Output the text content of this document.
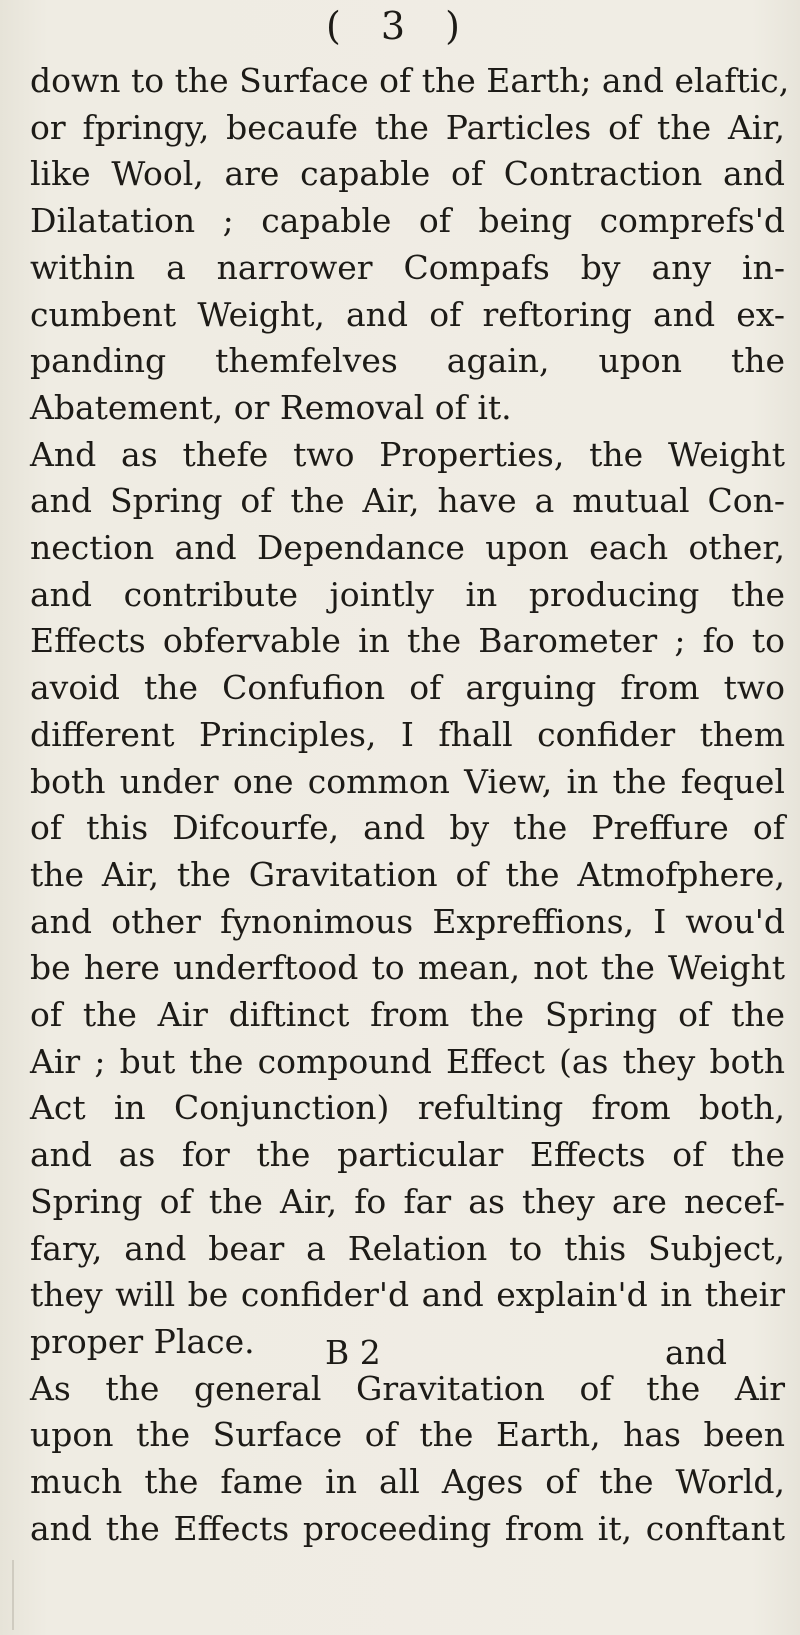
( 3 )
down to the Surface of the Earth; and elaftic,
or fpringy, becaufe the Particles of the Air,
like Wool, are capable of Contraction and
Dilatation ; capable of being comprefs'd
within a narrower Compafs by any in-
cumbent Weight, and of reftoring and ex-
panding themfelves again, upon the
Abatement, or Removal of it.
And as thefe two Properties, the Weight
and Spring of the Air, have a mutual Con-
nection and Dependance upon each other,
and contribute jointly in producing the
Effects obfervable in the Barometer ; fo to
avoid the Confufion of arguing from two
different Principles, I fhall confider them
both under one common View, in the fequel
of this Difcourfe, and by the Preffure of
the Air, the Gravitation of the Atmofphere,
and other fynonimous Expreffions, I wou'd
be here underftood to mean, not the Weight
of the Air diftinct from the Spring of the
Air ; but the compound Effect (as they both
Act in Conjunction) refulting from both,
and as for the particular Effects of the
Spring of the Air, fo far as they are necef-
fary, and bear a Relation to this Subject,
they will be confider'd and explain'd in their
proper Place.
As the general Gravitation of the Air
upon the Surface of the Earth, has been
much the fame in all Ages of the World,
and the Effects proceeding from it, conftant
B 2	and
